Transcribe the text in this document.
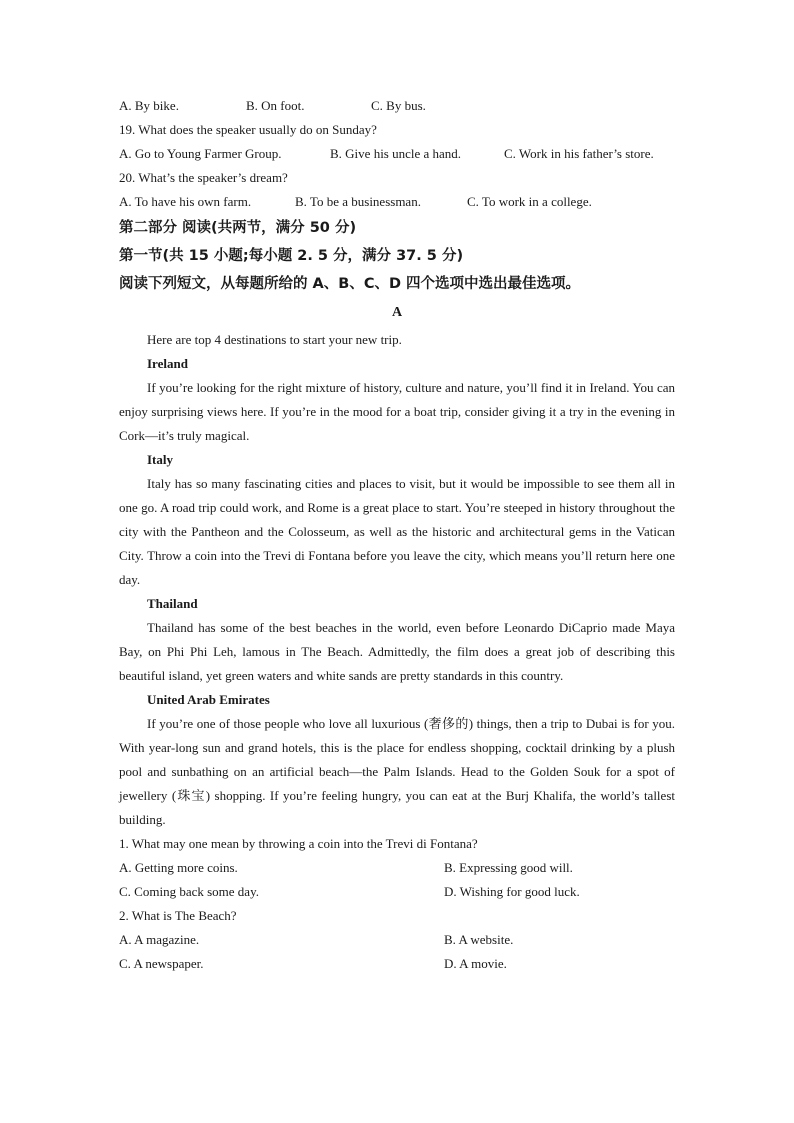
A. By bike.	B. On foot.	C. By bus.
19. What does the speaker usually do on Sunday?
A. Go to Young Farmer Group.	B. Give his uncle a hand.	C. Work in his father’s store.
20. What’s the speaker’s dream?
A. To have his own farm.	B. To be a businessman.	C. To work in a college.
第二部分 阅读(共两节，满分 50 分)
第一节(共 15 小题;每小题 2. 5 分，满分 37. 5 分)
阅读下列短文，从每题所给的 A、B、C、D 四个选项中选出最佳选项。
A

Here are top 4 destinations to start your new trip.

Ireland

If you’re looking for the right mixture of history, culture and nature, you’ll find it in Ireland. You can enjoy surprising views here. If you’re in the mood for a boat trip, consider giving it a try in the evening in Cork—it’s truly magical.

Italy

Italy has so many fascinating cities and places to visit, but it would be impossible to see them all in one go. A road trip could work, and Rome is a great place to start. You’re steeped in history throughout the city with the Pantheon and the Colosseum, as well as the historic and architectural gems in the Vatican City. Throw a coin into the Trevi di Fontana before you leave the city, which means you’ll return here one day.

Thailand

Thailand has some of the best beaches in the world, even before Leonardo DiCaprio made Maya Bay, on Phi Phi Leh, lamous in The Beach. Admittedly, the film does a great job of describing this beautiful island, yet green waters and white sands are pretty standards in this country.

United Arab Emirates

If you’re one of those people who love all luxurious (奢侈的) things, then a trip to Dubai is for you. With year-long sun and grand hotels, this is the place for endless shopping, cocktail drinking by a plush pool and sunbathing on an artificial beach—the Palm Islands. Head to the Golden Souk for a spot of jewellery (珠宝) shopping. If you’re feeling hungry, you can eat at the Burj Khalifa, the world’s tallest building.

1. What may one mean by throwing a coin into the Trevi di Fontana?
A. Getting more coins.	B. Expressing good will.
C. Coming back some day.	D. Wishing for good luck.
2. What is The Beach?
A. A magazine.	B. A website.
C. A newspaper.	D. A movie.
